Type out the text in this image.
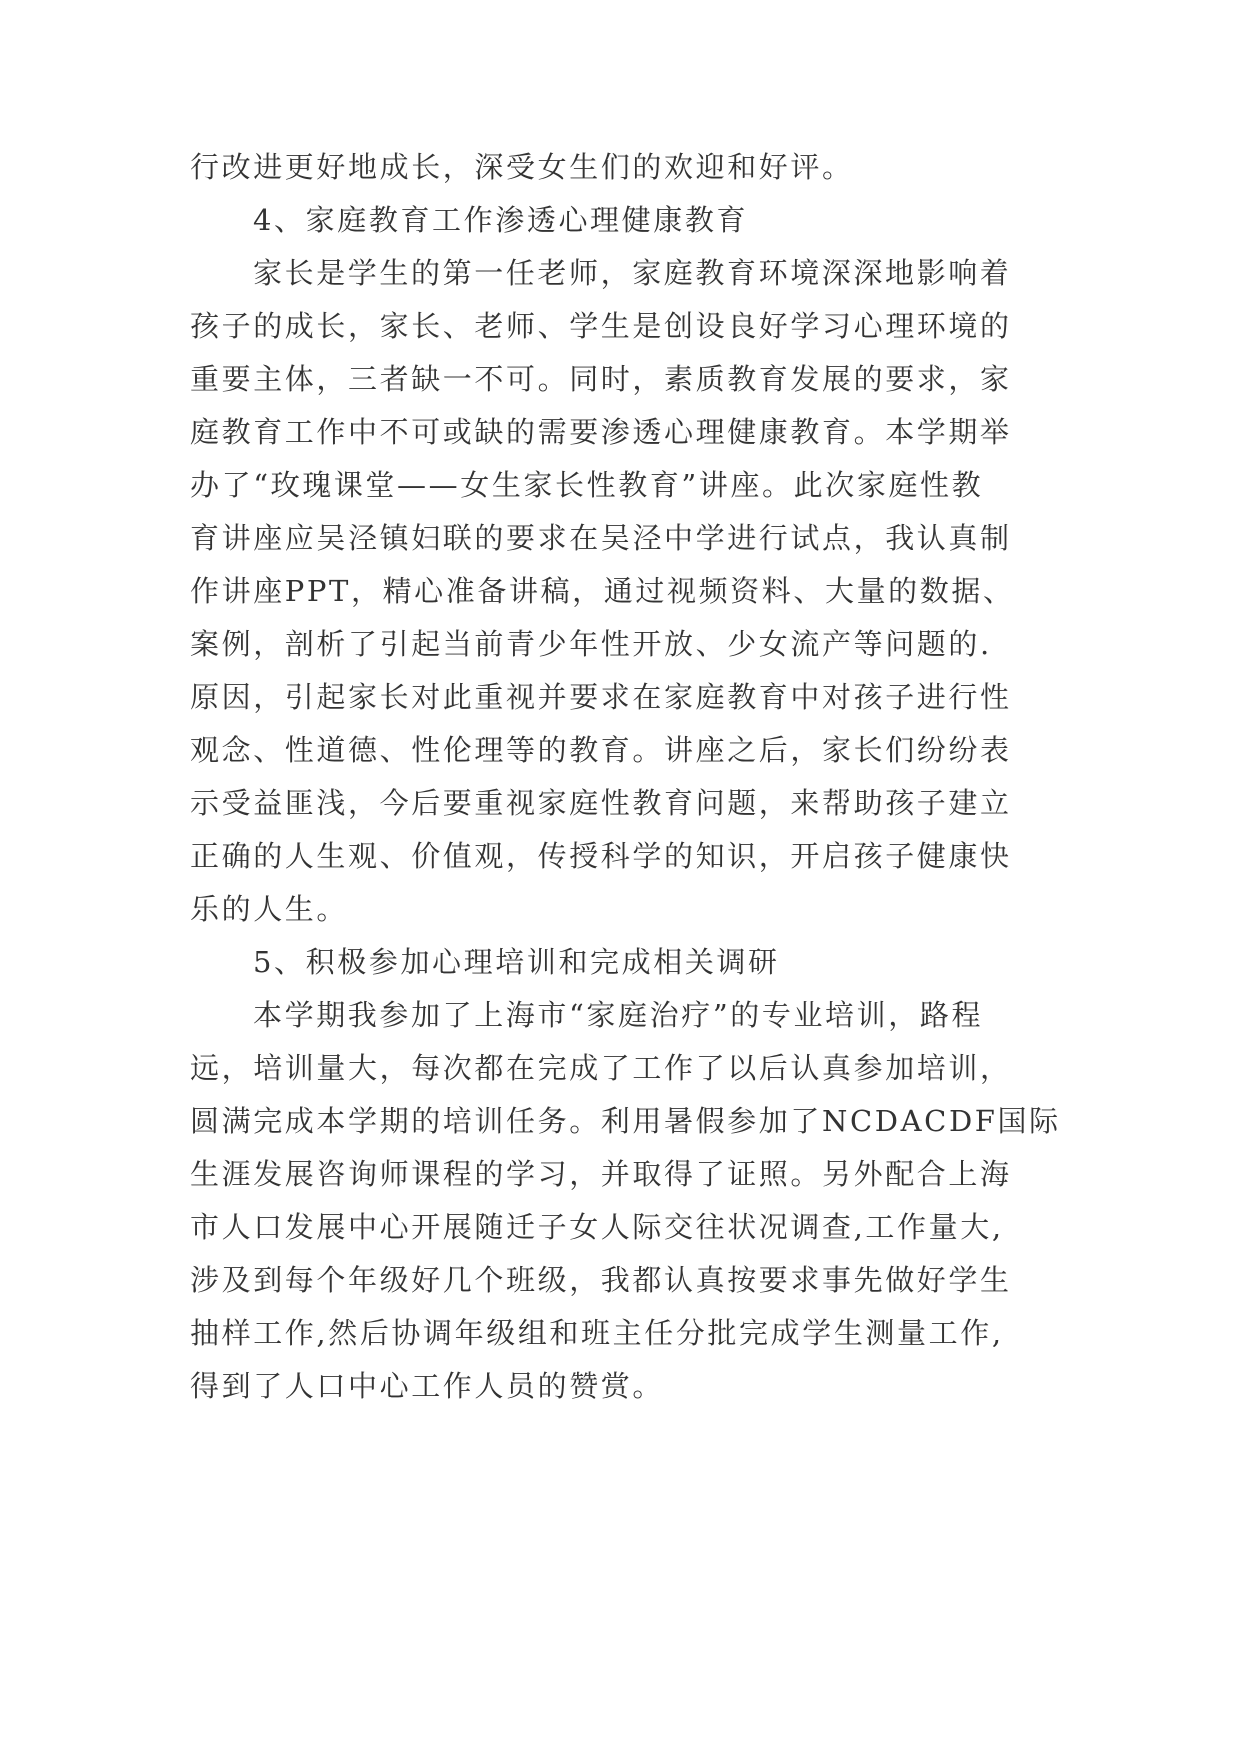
行改进更好地成长，深受女生们的欢迎和好评。
4、家庭教育工作渗透心理健康教育
家长是学生的第一任老师，家庭教育环境深深地影响着
孩子的成长，家长、老师、学生是创设良好学习心理环境的
重要主体，三者缺一不可。同时，素质教育发展的要求，家
庭教育工作中不可或缺的需要渗透心理健康教育。本学期举
办了“玫瑰课堂——女生家长性教育”讲座。此次家庭性教
育讲座应吴泾镇妇联的要求在吴泾中学进行试点，我认真制
作讲座PPT，精心准备讲稿，通过视频资料、大量的数据、
案例，剖析了引起当前青少年性开放、少女流产等问题的.
原因，引起家长对此重视并要求在家庭教育中对孩子进行性
观念、性道德、性伦理等的教育。讲座之后，家长们纷纷表
示受益匪浅，今后要重视家庭性教育问题，来帮助孩子建立
正确的人生观、价值观，传授科学的知识，开启孩子健康快
乐的人生。
5、积极参加心理培训和完成相关调研
本学期我参加了上海市“家庭治疗”的专业培训，路程
远，培训量大，每次都在完成了工作了以后认真参加培训，
圆满完成本学期的培训任务。利用暑假参加了NCDACDF国际
生涯发展咨询师课程的学习，并取得了证照。另外配合上海
市人口发展中心开展随迁子女人际交往状况调查,工作量大,
涉及到每个年级好几个班级，我都认真按要求事先做好学生
抽样工作,然后协调年级组和班主任分批完成学生测量工作,
得到了人口中心工作人员的赞赏。
